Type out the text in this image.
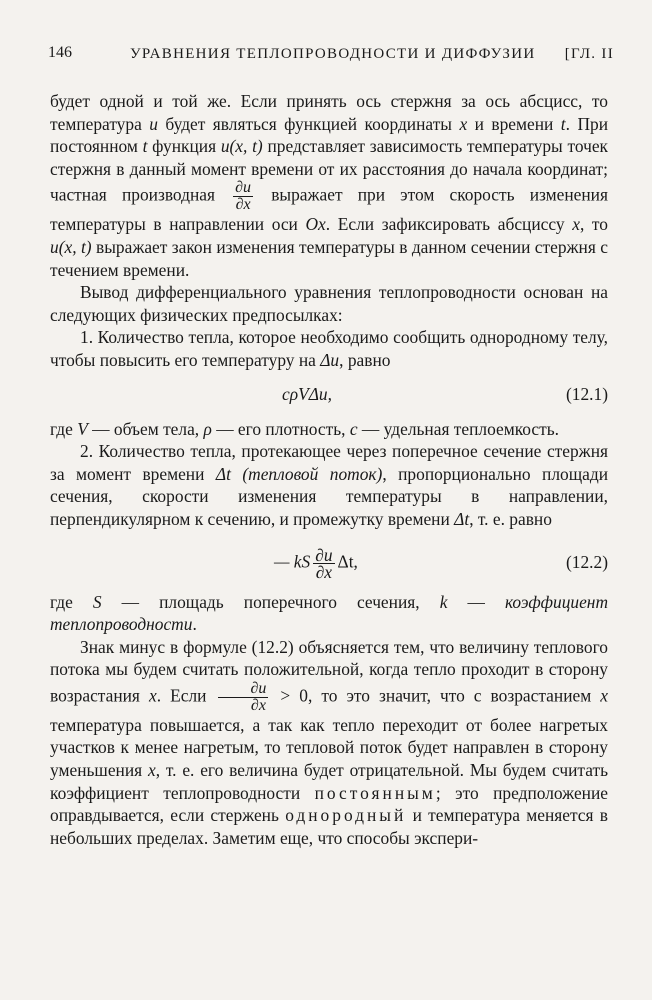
146	УРАВНЕНИЯ ТЕПЛОПРОВОДНОСТИ И ДИФФУЗИИ [ГЛ. II

будет одной и той же. Если принять ось стержня за ось абсцисс, то температура u будет являться функцией координаты x и времени t. При постоянном t функция u(x, t) представляет зависимость температуры точек стержня в данный момент времени от их расстояния до начала координат; частная производная $\frac{\partial u}{\partial x}$ выражает при этом скорость изменения температуры в направлении оси Ox. Если зафиксировать абсциссу x, то u(x, t) выражает закон изменения температуры в данном сечении стержня с течением времени.

Вывод дифференциального уравнения теплопроводности основан на следующих физических предпосылках:

1. Количество тепла, которое необходимо сообщить однородному телу, чтобы повысить его температуру на Δu, равно

cρVΔu,	(12.1)

где V — объем тела, ρ — его плотность, c — удельная теплоемкость.

2. Количество тепла, протекающее через поперечное сечение стержня за момент времени Δt (тепловой поток), пропорционально площади сечения, скорости изменения температуры в направлении, перпендикулярном к сечению, и промежутку времени Δt, т. е. равно

— kS $\frac{\partial u}{\partial x} \Delta t$,	(12.2)

где S — площадь поперечного сечения, k — коэффициент теплопроводности.

Знак минус в формуле (12.2) объясняется тем, что величину теплового потока мы будем считать положительной, когда тепло проходит в сторону возрастания x. Если $\frac{\partial u}{\partial x} > 0$, то это значит, что с возрастанием x температура повышается, а так как тепло переходит от более нагретых участков к менее нагретым, то тепловой поток будет направлен в сторону уменьшения x, т. е. его величина будет отрицательной. Мы будем считать коэффициент теплопроводности постоянным; это предположение оправдывается, если стержень однородный и температура меняется в небольших пределах. Заметим еще, что способы экспери-
